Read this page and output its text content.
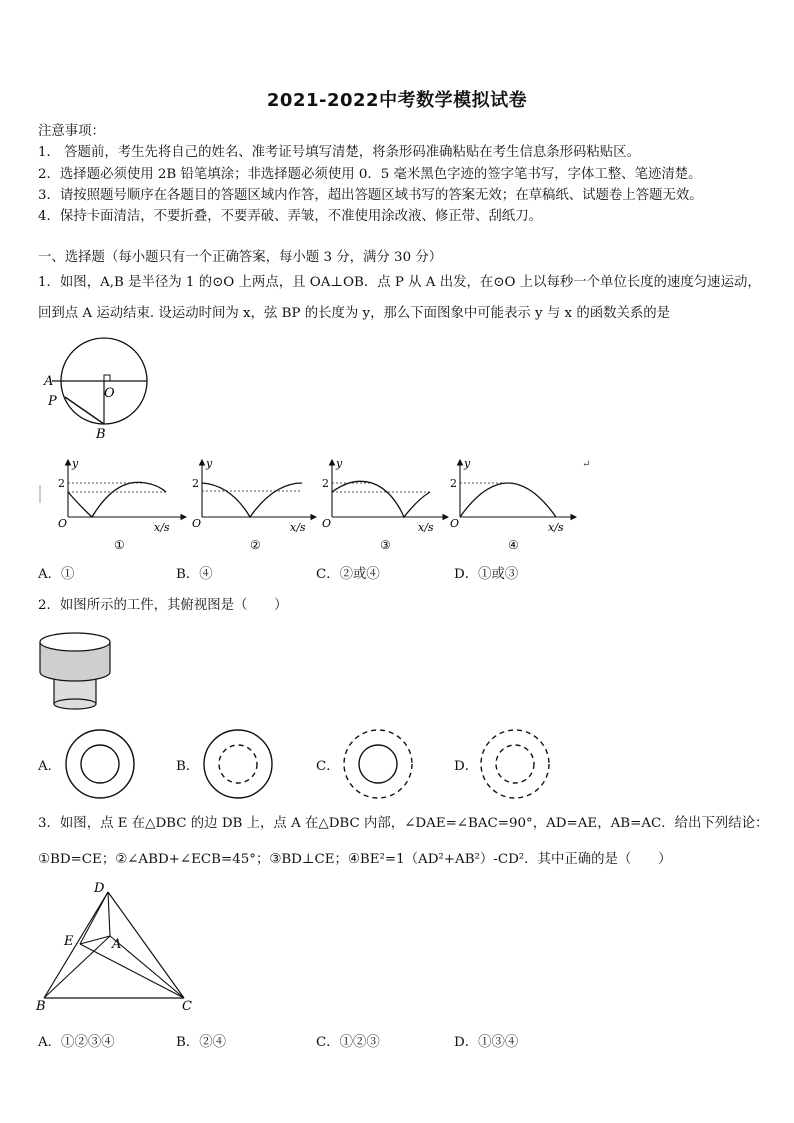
2021-2022中考数学模拟试卷
注意事项：
1． 答题前，考生先将自己的姓名、准考证号填写清楚，将条形码准确粘贴在考生信息条形码粘贴区。
2．选择题必须使用 2B 铅笔填涂；非选择题必须使用 0．5 毫米黑色字迹的签字笔书写，字体工整、笔迹清楚。
3．请按照题号顺序在各题目的答题区域内作答，超出答题区域书写的答案无效；在草稿纸、试题卷上答题无效。
4．保持卡面清洁，不要折叠，不要弄破、弄皱，不准使用涂改液、修正带、刮纸刀。
一、选择题（每小题只有一个正确答案，每小题 3 分，满分 30 分）
1．如图，A,B 是半径为 1 的⊙O 上两点，且 OA⊥OB．点 P 从 A 出发，在⊙O 上以每秒一个单位长度的速度匀速运动，
回到点 A 运动结束. 设运动时间为 x，弦 BP 的长度为 y，那么下面图象中可能表示 y 与 x 的函数关系的是
A
P
O
B
↵
y
2
O	x/s
①
y
2
O	x/s
②
y
2
O	x/s
③
y
2
O	x/s
④
A．①	B．④	C．②或④	D．①或③
2．如图所示的工件，其俯视图是（　　）
A．	B．	C．	D．
3．如图，点 E 在△DBC 的边 DB 上，点 A 在△DBC 内部，∠DAE=∠BAC=90°，AD=AE，AB=AC．给出下列结论：
①BD=CE；②∠ABD+∠ECB=45°；③BD⊥CE；④BE²=1（AD²+AB²）-CD²．其中正确的是（　　）
D
E	A
B	C
A．①②③④	B．②④	C．①②③	D．①③④
